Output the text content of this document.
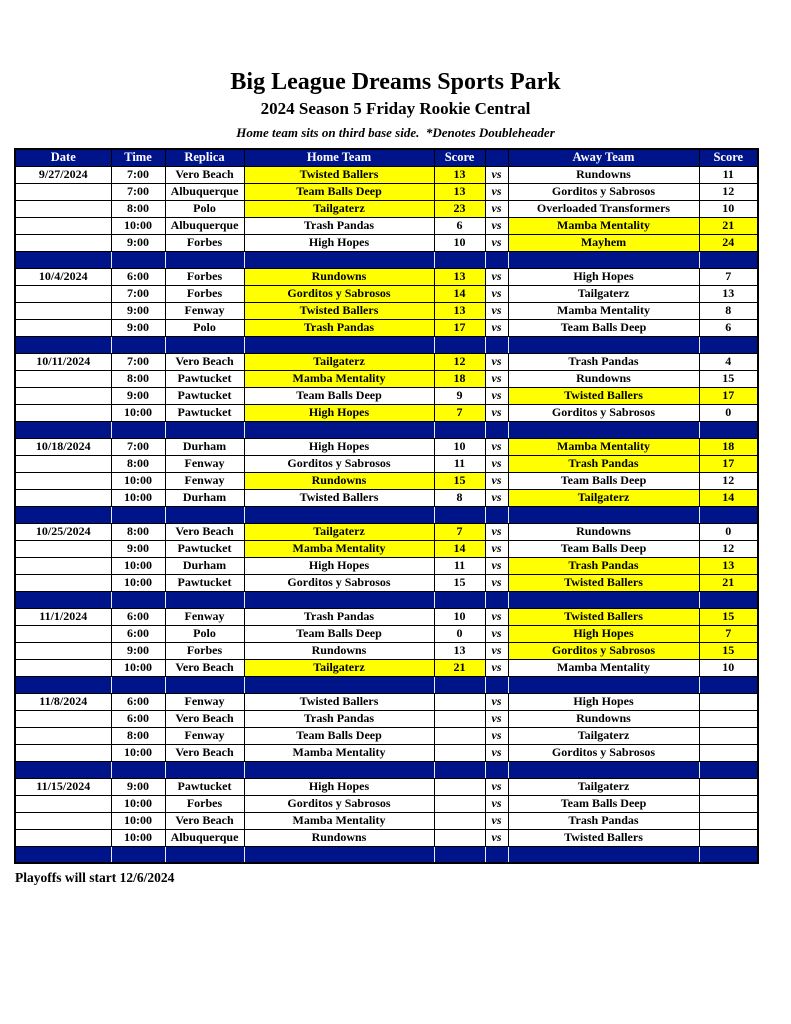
Big League Dreams Sports Park
2024 Season 5 Friday Rookie Central
Home team sits on third base side.  *Denotes Doubleheader
Date	Time	Replica	Home Team	Score		Away Team	Score
9/27/2024	7:00	Vero Beach	Twisted Ballers	13	vs	Rundowns	11
	7:00	Albuquerque	Team Balls Deep	13	vs	Gorditos y Sabrosos	12
	8:00	Polo	Tailgaterz	23	vs	Overloaded Transformers	10
	10:00	Albuquerque	Trash Pandas	6	vs	Mamba Mentality	21
	9:00	Forbes	High Hopes	10	vs	Mayhem	24

10/4/2024	6:00	Forbes	Rundowns	13	vs	High Hopes	7
	7:00	Forbes	Gorditos y Sabrosos	14	vs	Tailgaterz	13
	9:00	Fenway	Twisted Ballers	13	vs	Mamba Mentality	8
	9:00	Polo	Trash Pandas	17	vs	Team Balls Deep	6

10/11/2024	7:00	Vero Beach	Tailgaterz	12	vs	Trash Pandas	4
	8:00	Pawtucket	Mamba Mentality	18	vs	Rundowns	15
	9:00	Pawtucket	Team Balls Deep	9	vs	Twisted Ballers	17
	10:00	Pawtucket	High Hopes	7	vs	Gorditos y Sabrosos	0

10/18/2024	7:00	Durham	High Hopes	10	vs	Mamba Mentality	18
	8:00	Fenway	Gorditos y Sabrosos	11	vs	Trash Pandas	17
	10:00	Fenway	Rundowns	15	vs	Team Balls Deep	12
	10:00	Durham	Twisted Ballers	8	vs	Tailgaterz	14

10/25/2024	8:00	Vero Beach	Tailgaterz	7	vs	Rundowns	0
	9:00	Pawtucket	Mamba Mentality	14	vs	Team Balls Deep	12
	10:00	Durham	High Hopes	11	vs	Trash Pandas	13
	10:00	Pawtucket	Gorditos y Sabrosos	15	vs	Twisted Ballers	21

11/1/2024	6:00	Fenway	Trash Pandas	10	vs	Twisted Ballers	15
	6:00	Polo	Team Balls Deep	0	vs	High Hopes	7
	9:00	Forbes	Rundowns	13	vs	Gorditos y Sabrosos	15
	10:00	Vero Beach	Tailgaterz	21	vs	Mamba Mentality	10

11/8/2024	6:00	Fenway	Twisted Ballers		vs	High Hopes	
	6:00	Vero Beach	Trash Pandas		vs	Rundowns	
	8:00	Fenway	Team Balls Deep		vs	Tailgaterz	
	10:00	Vero Beach	Mamba Mentality		vs	Gorditos y Sabrosos	

11/15/2024	9:00	Pawtucket	High Hopes		vs	Tailgaterz	
	10:00	Forbes	Gorditos y Sabrosos		vs	Team Balls Deep	
	10:00	Vero Beach	Mamba Mentality		vs	Trash Pandas	
	10:00	Albuquerque	Rundowns		vs	Twisted Ballers	

Playoffs will start 12/6/2024
